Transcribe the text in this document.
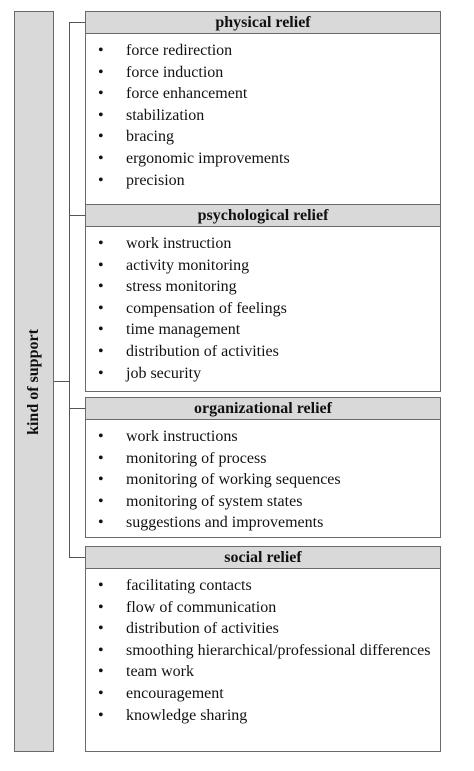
kind of support
physical relief
• force redirection
• force induction
• force enhancement
• stabilization
• bracing
• ergonomic improvements
• precision
psychological relief
• work instruction
• activity monitoring
• stress monitoring
• compensation of feelings
• time management
• distribution of activities
• job security
organizational relief
• work instructions
• monitoring of process
• monitoring of working sequences
• monitoring of system states
• suggestions and improvements
social relief
• facilitating contacts
• flow of communication
• distribution of activities
• smoothing hierarchical/professional differences
• team work
• encouragement
• knowledge sharing
